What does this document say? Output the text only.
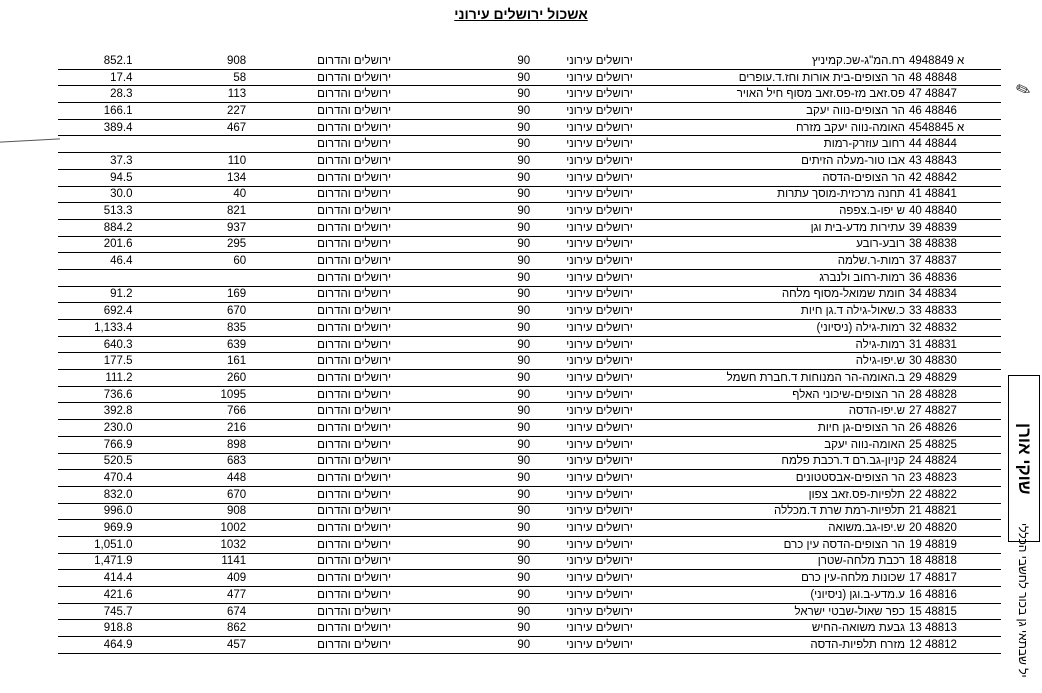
אשכול ירושלים עירוני
852.1	908	ירושלים והדרום	90	ירושלים עירוני	רח.המ"ג-שכ.קמיניץ	49א 48849
17.4	58	ירושלים והדרום	90	ירושלים עירוני	הר הצופים-בית אורות וחז.ד.עופרים	48 48848
28.3	113	ירושלים והדרום	90	ירושלים עירוני	פס.זאב מז-פס.זאב מסוף חיל האויר	47 48847
166.1	227	ירושלים והדרום	90	ירושלים עירוני	הר הצופים-נווה יעקב	46 48846
389.4	467	ירושלים והדרום	90	ירושלים עירוני	האומה-נווה יעקב מזרח	45א 48845
		ירושלים והדרום	90	ירושלים עירוני	רחוב עוזרק-רמות	44 48844
37.3	110	ירושלים והדרום	90	ירושלים עירוני	אבו טור-מעלה הזיתים	43 48843
94.5	134	ירושלים והדרום	90	ירושלים עירוני	הר הצופים-הדסה	42 48842
30.0	40	ירושלים והדרום	90	ירושלים עירוני	תחנה מרכזית-מוסך עתרות	41 48841
513.3	821	ירושלים והדרום	90	ירושלים עירוני	ש יפו-ב.צפפה	40 48840
884.2	937	ירושלים והדרום	90	ירושלים עירוני	עתירות מדע-בית וגן	39 48839
201.6	295	ירושלים והדרום	90	ירושלים עירוני	רובע-רובע	38 48838
46.4	60	ירושלים והדרום	90	ירושלים עירוני	רמות-ר.שלמה	37 48837
		ירושלים והדרום	90	ירושלים עירוני	רמות-רחוב ולנברג	36 48836
91.2	169	ירושלים והדרום	90	ירושלים עירוני	חומת שמואל-מסוף מלחה	34 48834
692.4	670	ירושלים והדרום	90	ירושלים עירוני	כ.שאול-גילה ד.גן חיות	33 48833
1,133.4	835	ירושלים והדרום	90	ירושלים עירוני	רמות-גילה (ניסיוני)	32 48832
640.3	639	ירושלים והדרום	90	ירושלים עירוני	רמות-גילה	31 48831
177.5	161	ירושלים והדרום	90	ירושלים עירוני	ש.יפו-גילה	30 48830
111.2	260	ירושלים והדרום	90	ירושלים עירוני	ב.האומה-הר המנוחות ד.חברת חשמל	29 48829
736.6	1095	ירושלים והדרום	90	ירושלים עירוני	הר הצופים-שיכוני האלף	28 48828
392.8	766	ירושלים והדרום	90	ירושלים עירוני	ש.יפו-הדסה	27 48827
230.0	216	ירושלים והדרום	90	ירושלים עירוני	הר הצופים-גן חיות	26 48826
766.9	898	ירושלים והדרום	90	ירושלים עירוני	האומה-נווה יעקב	25 48825
520.5	683	ירושלים והדרום	90	ירושלים עירוני	קניון-גב.רם ד.רכבת פלמח	24 48824
470.4	448	ירושלים והדרום	90	ירושלים עירוני	הר הצופים-אבסטטונים	23 48823
832.0	670	ירושלים והדרום	90	ירושלים עירוני	תלפיות-פס.זאב צפון	22 48822
996.0	908	ירושלים והדרום	90	ירושלים עירוני	תלפיות-רמת שרת ד.מכללה	21 48821
969.9	1002	ירושלים והדרום	90	ירושלים עירוני	ש.יפו-גב.משואה	20 48820
1,051.0	1032	ירושלים והדרום	90	ירושלים עירוני	הר הצופים-הדסה עין כרם	19 48819
1,471.9	1141	ירושלים והדרום	90	ירושלים עירוני	רכבת מלחה-שטרן	18 48818
414.4	409	ירושלים והדרום	90	ירושלים עירוני	שכונות מלחה-עין כרם	17 48817
421.6	477	ירושלים והדרום	90	ירושלים עירוני	ע.מדע-ב.וגן (ניסיוני)	16 48816
745.7	674	ירושלים והדרום	90	ירושלים עירוני	כפר שאול-שבטי ישראל	15 48815
918.8	862	ירושלים והדרום	90	ירושלים עירוני	גבעת משואה-החיש	13 48813
464.9	457	ירושלים והדרום	90	ירושלים עירוני	מזרח תלפיות-הדסה	12 48812
✎
שוקי אורן
יל שבתאי גן בכור לחשבי הכללי
